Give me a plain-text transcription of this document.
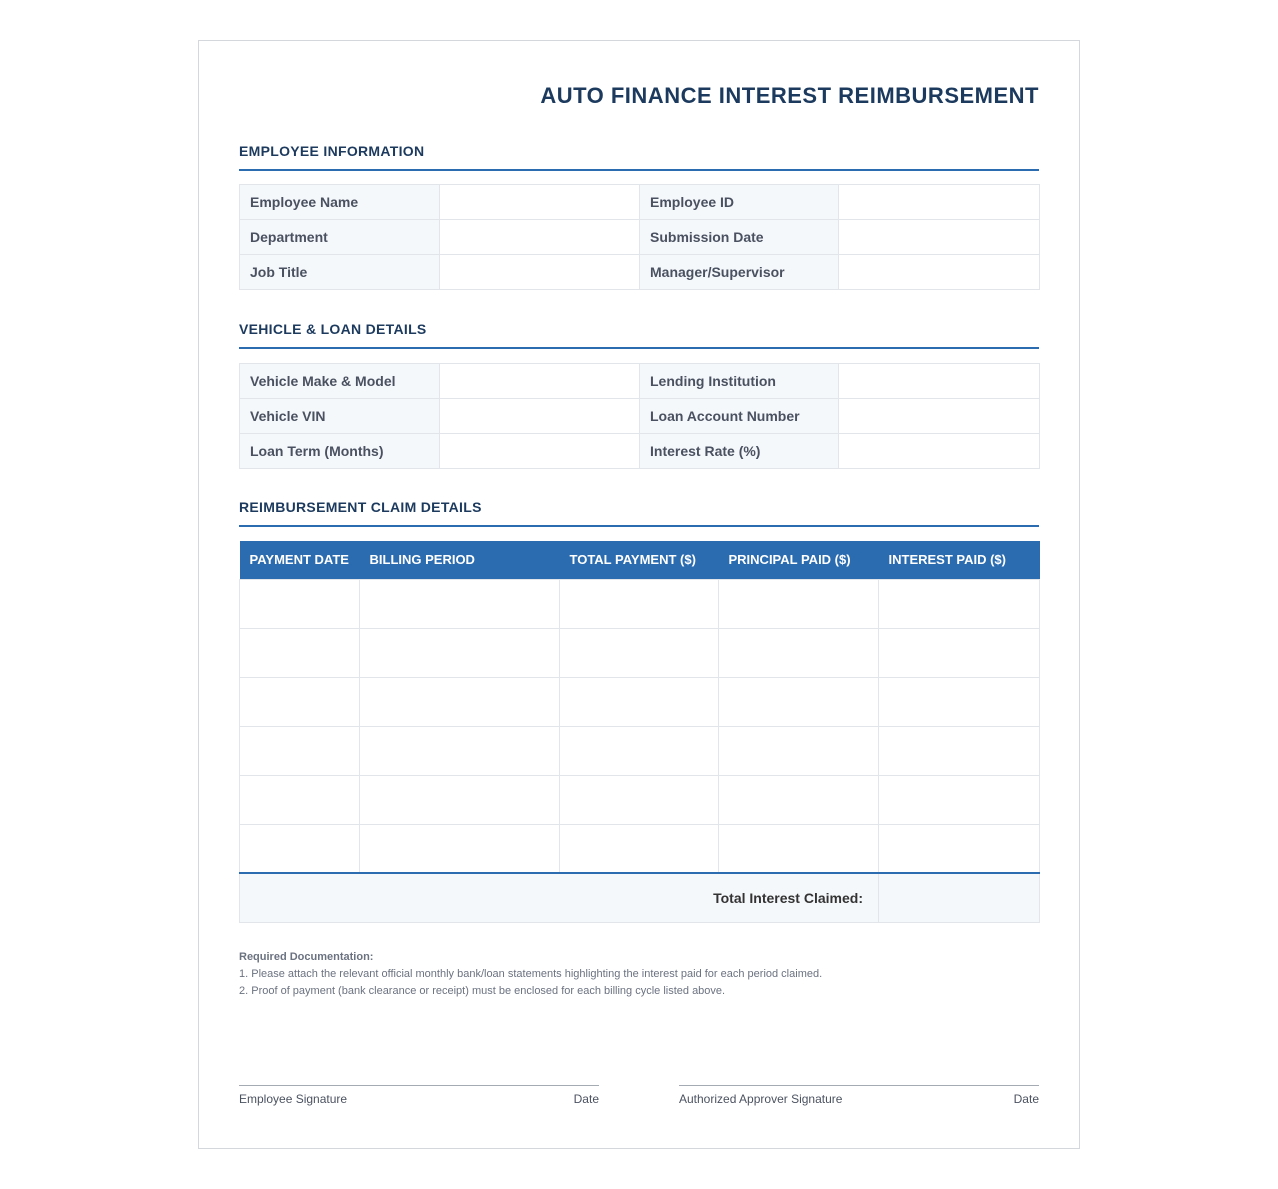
AUTO FINANCE INTEREST REIMBURSEMENT
EMPLOYEE INFORMATION
Employee Name		Employee ID	
Department		Submission Date	
Job Title		Manager/Supervisor	
VEHICLE & LOAN DETAILS
Vehicle Make & Model		Lending Institution	
Vehicle VIN		Loan Account Number	
Loan Term (Months)		Interest Rate (%)	
REIMBURSEMENT CLAIM DETAILS
PAYMENT DATE	BILLING PERIOD	TOTAL PAYMENT ($)	PRINCIPAL PAID ($)	INTEREST PAID ($)

Total Interest Claimed:				
Required Documentation:
1. Please attach the relevant official monthly bank/loan statements highlighting the interest paid for each period claimed.
2. Proof of payment (bank clearance or receipt) must be enclosed for each billing cycle listed above.
Employee Signature	Date	Authorized Approver Signature	Date
